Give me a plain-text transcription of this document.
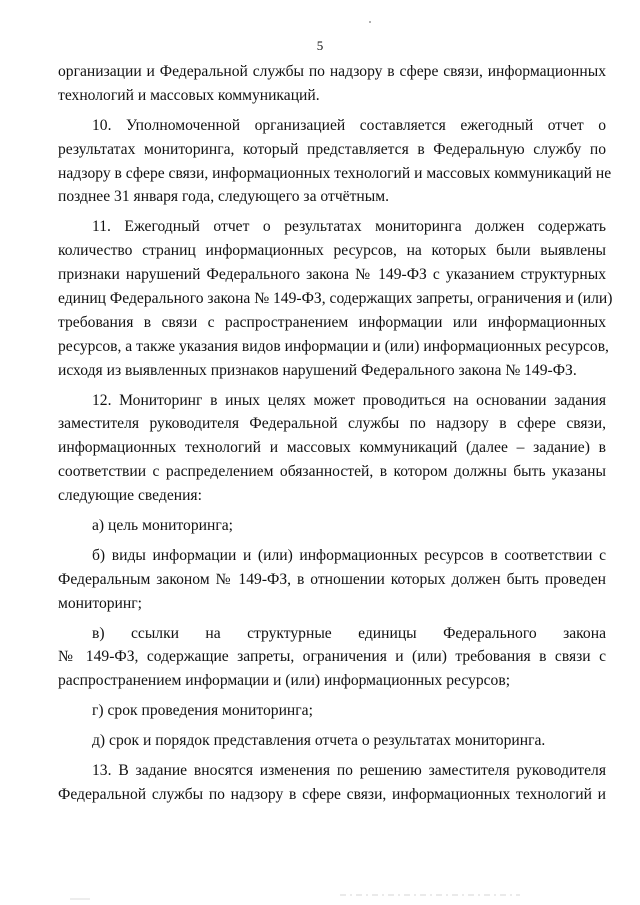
5
организации и Федеральной службы по надзору в сфере связи, информационных
технологий и массовых коммуникаций.
10. Уполномоченной организацией составляется ежегодный отчет о
результатах мониторинга, который представляется в Федеральную службу по
надзору в сфере связи, информационных технологий и массовых коммуникаций не
позднее 31 января года, следующего за отчётным.
11. Ежегодный отчет о результатах мониторинга должен содержать
количество страниц информационных ресурсов, на которых были выявлены
признаки нарушений Федерального закона № 149-ФЗ с указанием структурных
единиц Федерального закона № 149-ФЗ, содержащих запреты, ограничения и (или)
требования в связи с распространением информации или информационных
ресурсов, а также указания видов информации и (или) информационных ресурсов,
исходя из выявленных признаков нарушений Федерального закона № 149-ФЗ.
12. Мониторинг в иных целях может проводиться на основании задания
заместителя руководителя Федеральной службы по надзору в сфере связи,
информационных технологий и массовых коммуникаций (далее – задание) в
соответствии с распределением обязанностей, в котором должны быть указаны
следующие сведения:
а) цель мониторинга;
б) виды информации и (или) информационных ресурсов в соответствии с
Федеральным законом № 149-ФЗ, в отношении которых должен быть проведен
мониторинг;
в) ссылки на структурные единицы Федерального закона
№ 149-ФЗ, содержащие запреты, ограничения и (или) требования в связи с
распространением информации и (или) информационных ресурсов;
г) срок проведения мониторинга;
д) срок и порядок представления отчета о результатах мониторинга.
13. В задание вносятся изменения по решению заместителя руководителя
Федеральной службы по надзору в сфере связи, информационных технологий и
